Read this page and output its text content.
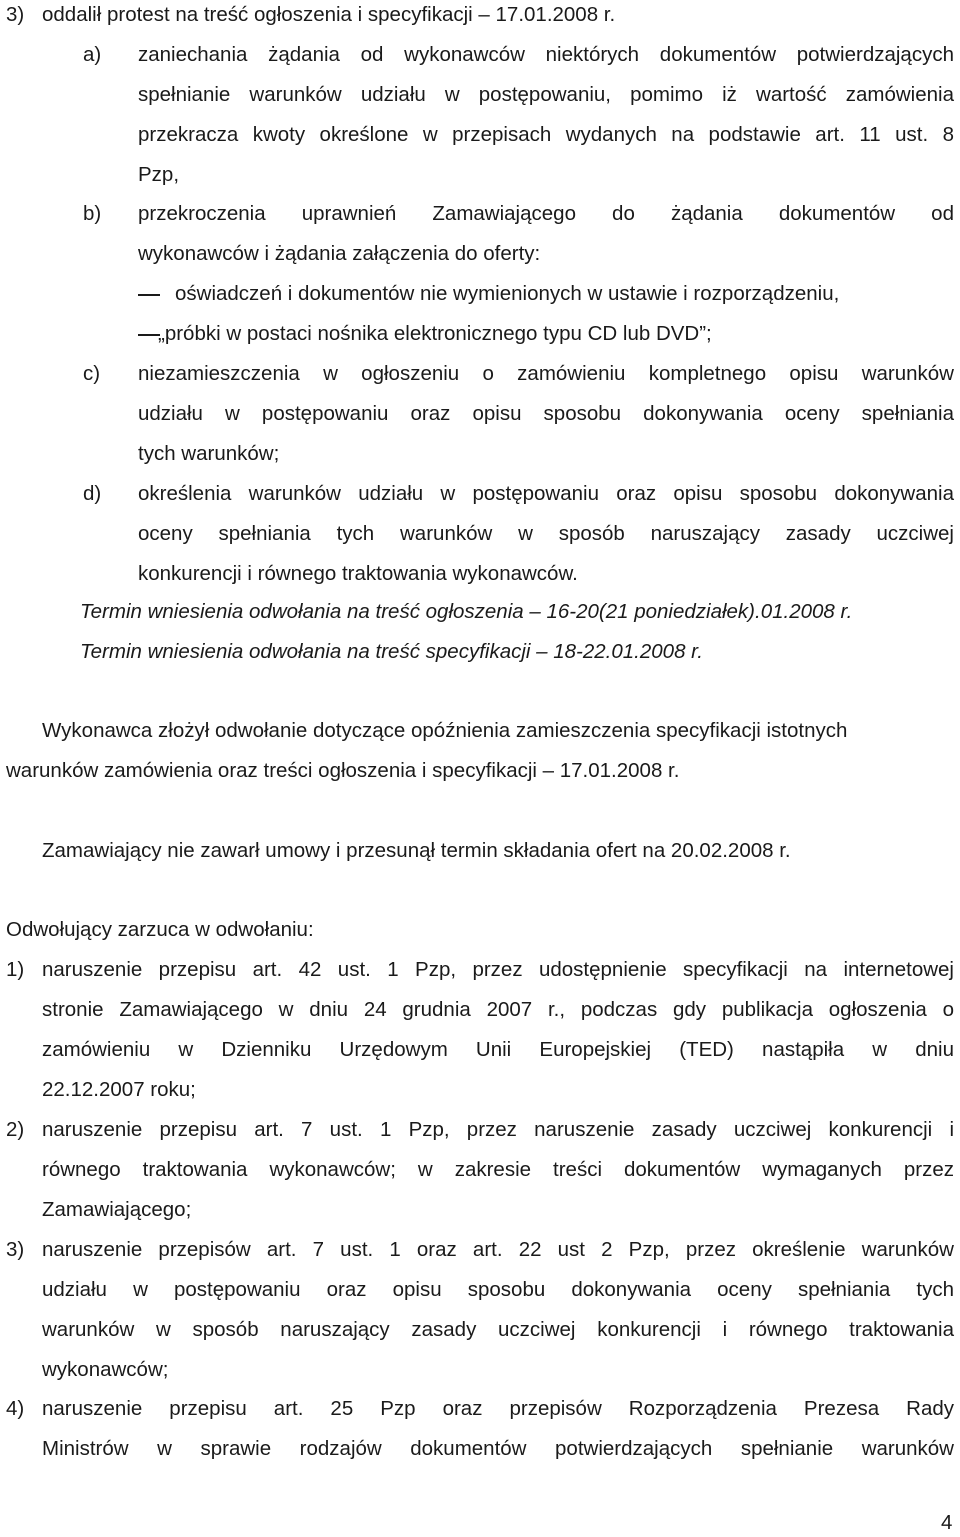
3) oddalił protest na treść ogłoszenia i specyfikacji – 17.01.2008 r.
a) zaniechania żądania od wykonawców niektórych dokumentów potwierdzających
spełnianie warunków udziału w postępowaniu, pomimo iż wartość zamówienia
przekracza kwoty określone w przepisach wydanych na podstawie art. 11 ust. 8
Pzp,
b) przekroczenia uprawnień Zamawiającego do żądania dokumentów od
wykonawców i żądania załączenia do oferty:
oświadczeń i dokumentów nie wymienionych w ustawie i rozporządzeniu,
„próbki w postaci nośnika elektronicznego typu CD lub DVD”;
c) niezamieszczenia w ogłoszeniu o zamówieniu kompletnego opisu warunków
udziału w postępowaniu oraz opisu sposobu dokonywania oceny spełniania
tych warunków;
d) określenia warunków udziału w postępowaniu oraz opisu sposobu dokonywania
oceny spełniania tych warunków w sposób naruszający zasady uczciwej
konkurencji i równego traktowania wykonawców.
Termin wniesienia odwołania na treść ogłoszenia – 16-20(21 poniedziałek).01.2008 r.
Termin wniesienia odwołania na treść specyfikacji – 18-22.01.2008 r.
Wykonawca złożył odwołanie dotyczące opóźnienia zamieszczenia specyfikacji istotnych
warunków zamówienia oraz treści ogłoszenia i specyfikacji – 17.01.2008 r.
Zamawiający nie zawarł umowy i przesunął termin składania ofert na 20.02.2008 r.
Odwołujący zarzuca w odwołaniu:
1) naruszenie przepisu art. 42 ust. 1 Pzp, przez udostępnienie specyfikacji na internetowej
stronie Zamawiającego w dniu 24 grudnia 2007 r., podczas gdy publikacja ogłoszenia o
zamówieniu w Dzienniku Urzędowym Unii Europejskiej (TED) nastąpiła w dniu
22.12.2007 roku;
2) naruszenie przepisu art. 7 ust. 1 Pzp, przez naruszenie zasady uczciwej konkurencji i
równego traktowania wykonawców; w zakresie treści dokumentów wymaganych przez
Zamawiającego;
3) naruszenie przepisów art. 7 ust. 1 oraz art. 22 ust 2 Pzp, przez określenie warunków
udziału w postępowaniu oraz opisu sposobu dokonywania oceny spełniania tych
warunków w sposób naruszający zasady uczciwej konkurencji i równego traktowania
wykonawców;
4) naruszenie przepisu art. 25 Pzp oraz przepisów Rozporządzenia Prezesa Rady
Ministrów w sprawie rodzajów dokumentów potwierdzających spełnianie warunków
4
